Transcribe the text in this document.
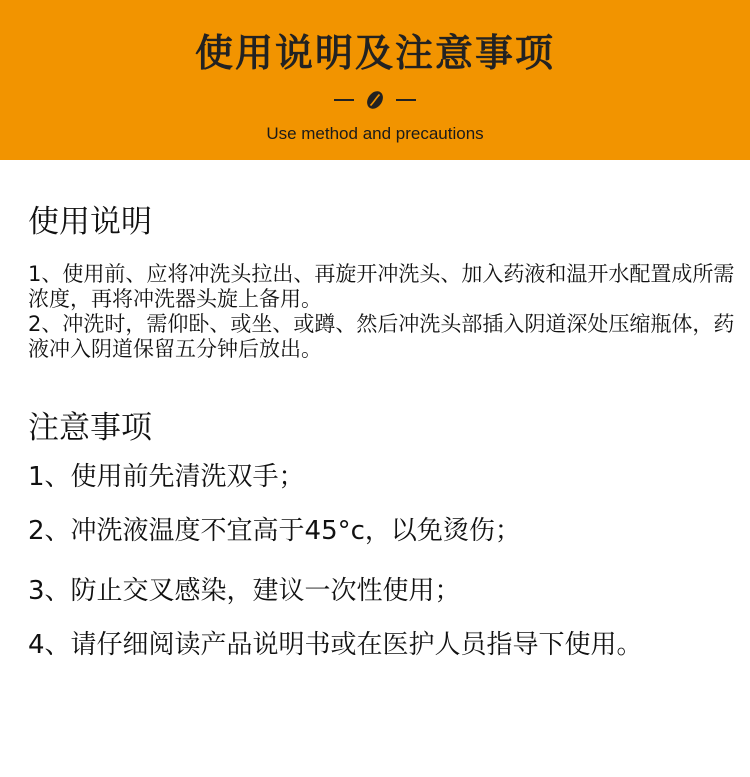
使用说明及注意事项
Use method and precautions
使用说明

1、使用前、应将冲洗头拉出、再旋开冲洗头、加入药液和温开水配置成所需浓度，再将冲洗器头旋上备用。

2、冲洗时，需仰卧、或坐、或蹲、然后冲洗头部插入阴道深处压缩瓶体，药液冲入阴道保留五分钟后放出。

注意事项
1、使用前先清洗双手；
2、冲洗液温度不宜高于45°c，以免烫伤；
3、防止交叉感染，建议一次性使用；
4、请仔细阅读产品说明书或在医护人员指导下使用。
